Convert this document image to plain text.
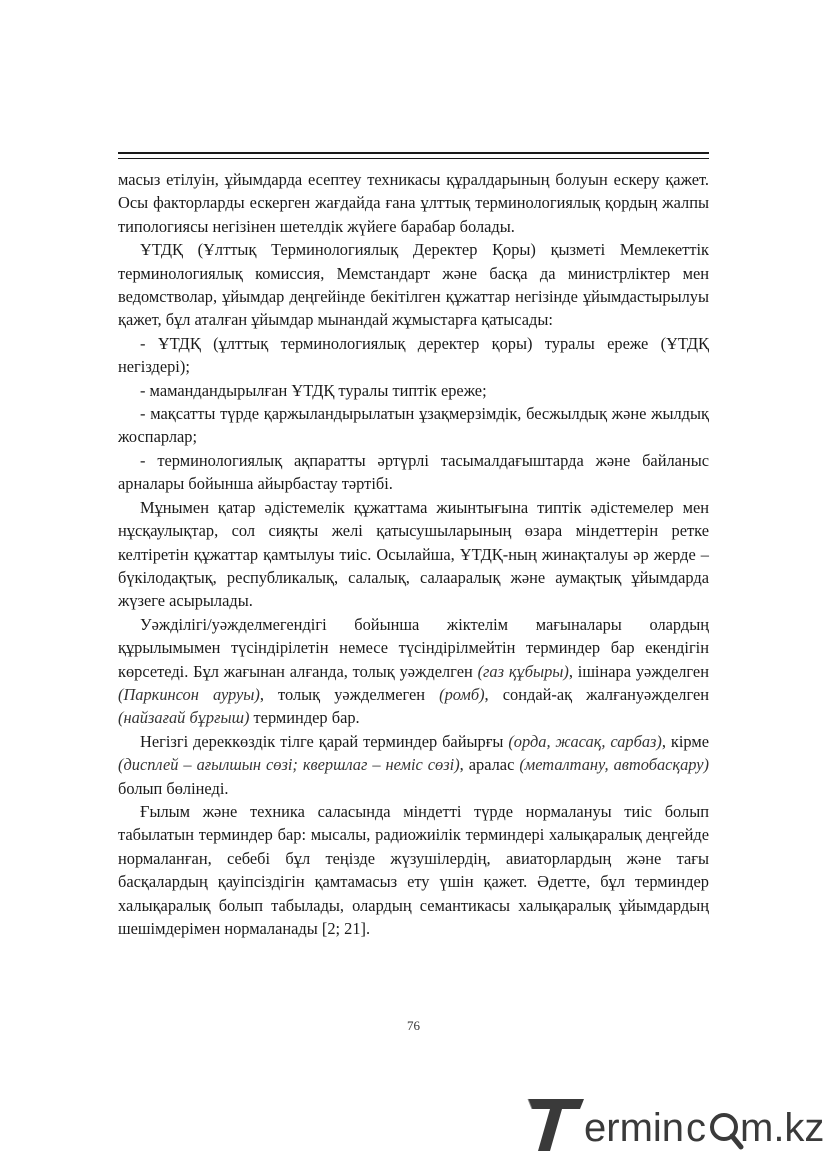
масыз етілуін, ұйымдарда есептеу техникасы құралдарының болуын ескеру қажет. Осы факторларды ескерген жағдайда ғана ұлттық терминологиялық қордың жалпы типологиясы негізінен шетелдік жүйеге барабар болады.

ҰТДҚ (Ұлттық Терминологиялық Деректер Қоры) қызметі Мемлекеттік терминологиялық комиссия, Мемстандарт және басқа да министрліктер мен ведомстволар, ұйымдар деңгейінде бекітілген құжаттар негізінде ұйымдастырылуы қажет, бұл аталған ұйымдар мынандай жұмыстарға қатысады:

- ҰТДҚ (ұлттық терминологиялық деректер қоры) туралы ереже (ҰТДҚ негіздері);

- мамандандырылған ҰТДҚ туралы типтік ереже;

- мақсатты түрде қаржыландырылатын ұзақмерзімдік, бесжылдық және жылдық жоспарлар;

- терминологиялық ақпаратты әртүрлі тасымалдағыштарда және байланыс арналары бойынша айырбастау тәртібі.

Мұнымен қатар әдістемелік құжаттама жиынтығына типтік әдістемелер мен нұсқаулықтар, сол сияқты желі қатысушыларының өзара міндеттерін ретке келтіретін құжаттар қамтылуы тиіс. Осылайша, ҰТДҚ-ның жинақталуы әр жерде – бүкілодақтық, республикалық, салалық, салааралық және аумақтық ұйымдарда жүзеге асырылады.

Уәжділігі/уәжделмегендігі бойынша жіктелім мағыналары олардың құрылымымен түсіндірілетін немесе түсіндірілмейтін терминдер бар екендігін көрсетеді. Бұл жағынан алғанда, толық уәжделген (газ құбыры), ішінара уәжделген (Паркинсон ауруы), толық уәжделмеген (ромб), сондай-ақ жалғануәжделген (найзағай бұрғыш) терминдер бар.

Негізгі дереккөздік тілге қарай терминдер байырғы (орда, жасақ, сарбаз), кірме (дисплей – ағылшын сөзі; квершлаг – неміс сөзі), аралас (металтану, автобасқару) болып бөлінеді.

Ғылым және техника саласында міндетті түрде нормалануы тиіс болып табылатын терминдер бар: мысалы, радиожиілік терминдері халықаралық деңгейде нормаланған, себебі бұл теңізде жүзушілердің, авиаторлардың және тағы басқалардың қауіпсіздігін қамтамасыз ету үшін қажет. Әдетте, бұл терминдер халықаралық болып табылады, олардың семантикасы халықаралық ұйымдардың шешімдерімен нормаланады [2; 21].

76
ermin c m.kz
